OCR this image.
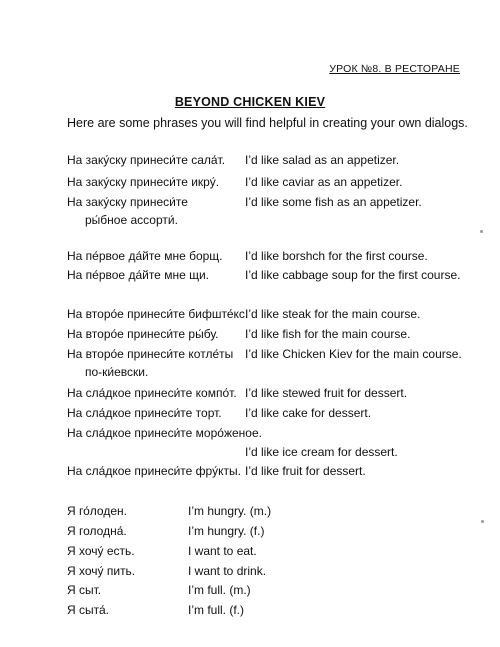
УРОК №8. В РЕСТОРАНЕ
BEYOND CHICKEN KIEV
Here are some phrases you will find helpful in creating your own dialogs.
На заку́ску принеси́те сала́т. I’d like salad as an appetizer.
На заку́ску принеси́те икру́. I’d like caviar as an appetizer.
На заку́ску принеси́те	I’d like some fish as an appetizer.
ры́бное ассорти́.
На пе́рвое да́йте мне борщ. I’d like borshch for the first course.
На пе́рвое да́йте мне щи.	I’d like cabbage soup for the first course.
На второ́е принеси́те бифште́кс.
I’d like steak for the main course.
На второ́е принеси́те ры́бу. I’d like fish for the main course.
На второ́е принеси́те котле́ты I’d like Chicken Kiev for the main course.
по-ки́евски.
На сла́дкое принеси́те компо́т. I’d like stewed fruit for dessert.
На сла́дкое принеси́те торт. I’d like cake for dessert.
На сла́дкое принеси́те моро́женое.
I’d like ice cream for dessert.
На сла́дкое принеси́те фру́кты. I’d like fruit for dessert.
Я го́лоден.	I’m hungry. (m.)
Я голодна́.	I’m hungry. (f.)
Я хочу́ есть.	I want to eat.
Я хочу́ пить.	I want to drink.
Я сыт.	I’m full. (m.)
Я сыта́.	I’m full. (f.)
